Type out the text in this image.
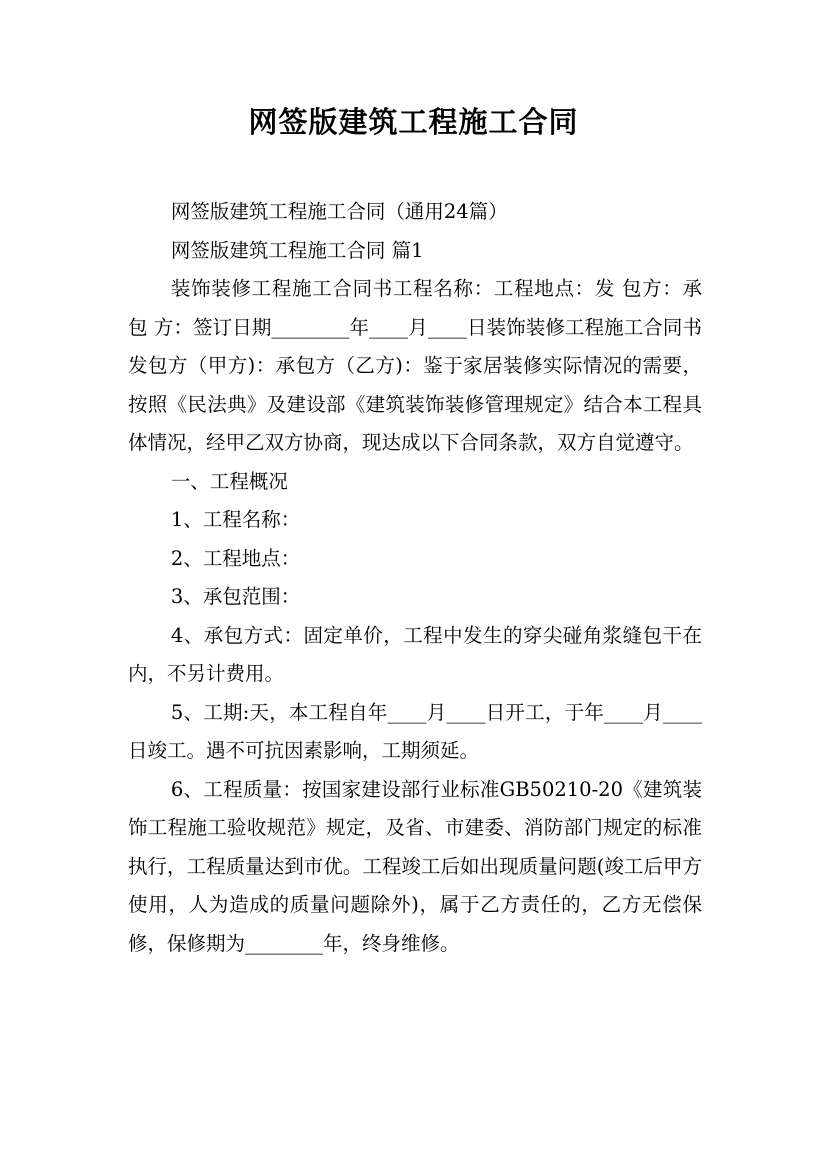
网签版建筑工程施工合同

网签版建筑工程施工合同（通用24篇）

网签版建筑工程施工合同 篇1

装饰装修工程施工合同书工程名称：工程地点：发 包方：承 包 方：签订日期________年____月____日装饰装修工程施工合同书发包方（甲方)：承包方（乙方)：鉴于家居装修实际情况的需要，按照《民法典》及建设部《建筑装饰装修管理规定》结合本工程具体情况，经甲乙双方协商，现达成以下合同条款，双方自觉遵守。

一、工程概况

1、工程名称：

2、工程地点：

3、承包范围：

4、承包方式：固定单价，工程中发生的穿尖碰角浆缝包干在内，不另计费用。

5、工期:天，本工程自年____月____日开工，于年____月____日竣工。遇不可抗因素影响，工期须延。

6、工程质量：按国家建设部行业标准GB50210-20《建筑装饰工程施工验收规范》规定，及省、市建委、消防部门规定的标准执行，工程质量达到市优。工程竣工后如出现质量问题(竣工后甲方使用，人为造成的质量问题除外)，属于乙方责任的，乙方无偿保修，保修期为________年，终身维修。
